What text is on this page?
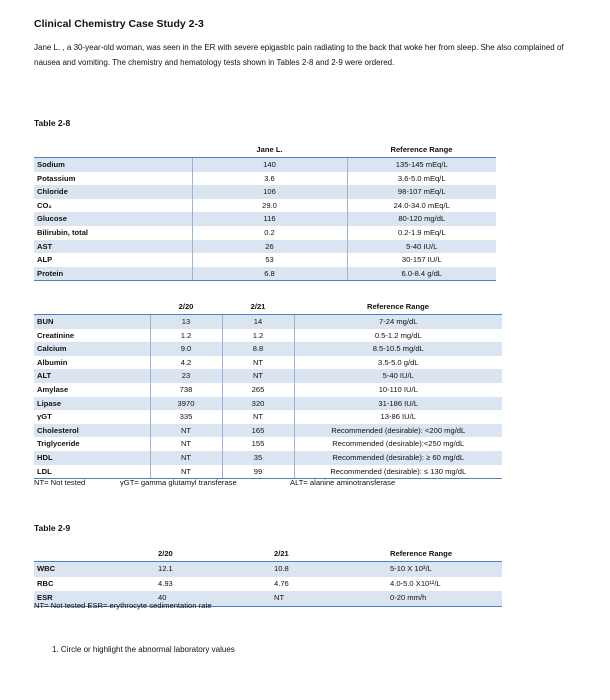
Clinical Chemistry Case Study 2-3
Jane L. , a 30-year-old woman, was seen in the ER with severe epigastric pain radiating to the back that woke her from sleep. She also complained of nausea and vomiting. The chemistry and hematology tests shown in Tables 2-8 and 2-9 were ordered.
Table 2-8
	Jane L.	Reference Range
Sodium	140	135-145 mEq/L
Potassium	3.6	3.6-5.0 mEq/L
Chloride	106	98-107 mEq/L
CO₂	29.0	24.0-34.0 mEq/L
Glucose	116	80-120 mg/dL
Bilirubin, total	0.2	0.2-1.9 mEq/L
AST	26	5-40 IU/L
ALP	53	30-157 IU/L
Protein	6.8	6.0-8.4 g/dL
	2/20	2/21	Reference Range
BUN	13	14	7-24 mg/dL
Creatinine	1.2	1.2	0.5-1.2 mg/dL
Calcium	9.0	8.8	8.5-10.5 mg/dL
Albumin	4.2	NT	3.5-5.0 g/dL
ALT	23	NT	5-40 IU/L
Amylase	738	265	10-110 IU/L
Lipase	3970	320	31-186 IU/L
γGT	335	NT	13-86 IU/L
Cholesterol	NT	165	Recommended (desirable): <200 mg/dL
Triglyceride	NT	155	Recommended (desirable):<250 mg/dL
HDL	NT	35	Recommended (desirable): ≥ 60 mg/dL
LDL	NT	99	Recommended (desirable): ≤ 130 mg/dL
NT= Not tested	γGT= gamma glutamyl transferase	ALT= alanine aminotransferase
Table 2-9
	2/20	2/21	Reference Range
WBC	12.1	10.8	5-10 X 10³/L
RBC	4.93	4.76	4.0-5.0 X10¹²/L
ESR	40	NT	0-20 mm/h
NT= Not tested ESR= erythrocyte sedimentation rate
1. Circle or highlight the abnormal laboratory values
